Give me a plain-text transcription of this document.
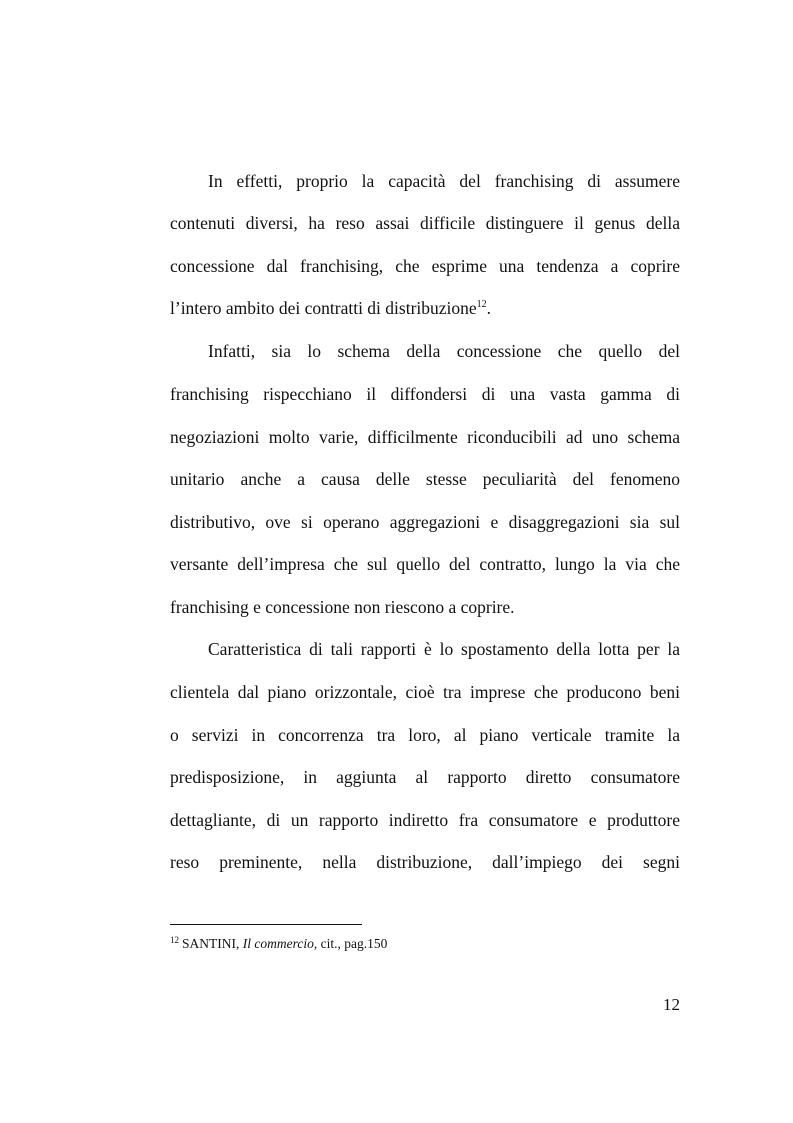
In effetti, proprio la capacità del franchising di assumere
contenuti diversi, ha reso assai difficile distinguere il genus della
concessione dal franchising, che esprime una tendenza a coprire
l’intero ambito dei contratti di distribuzione$^{12}$.
Infatti, sia lo schema della concessione che quello del
franchising rispecchiano il diffondersi di una vasta gamma di
negoziazioni molto varie, difficilmente riconducibili ad uno schema
unitario anche a causa delle stesse peculiarità del fenomeno
distributivo, ove si operano aggregazioni e disaggregazioni sia sul
versante dell’impresa che sul quello del contratto, lungo la via che
franchising e concessione non riescono a coprire.
Caratteristica di tali rapporti è lo spostamento della lotta per la
clientela dal piano orizzontale, cioè tra imprese che producono beni
o servizi in concorrenza tra loro, al piano verticale tramite la
predisposizione, in aggiunta al rapporto diretto consumatore
dettagliante, di un rapporto indiretto fra consumatore e produttore
reso preminente, nella distribuzione, dall’impiego dei segni
$^{12}$ SANTINI, Il commercio, cit., pag.150
12
